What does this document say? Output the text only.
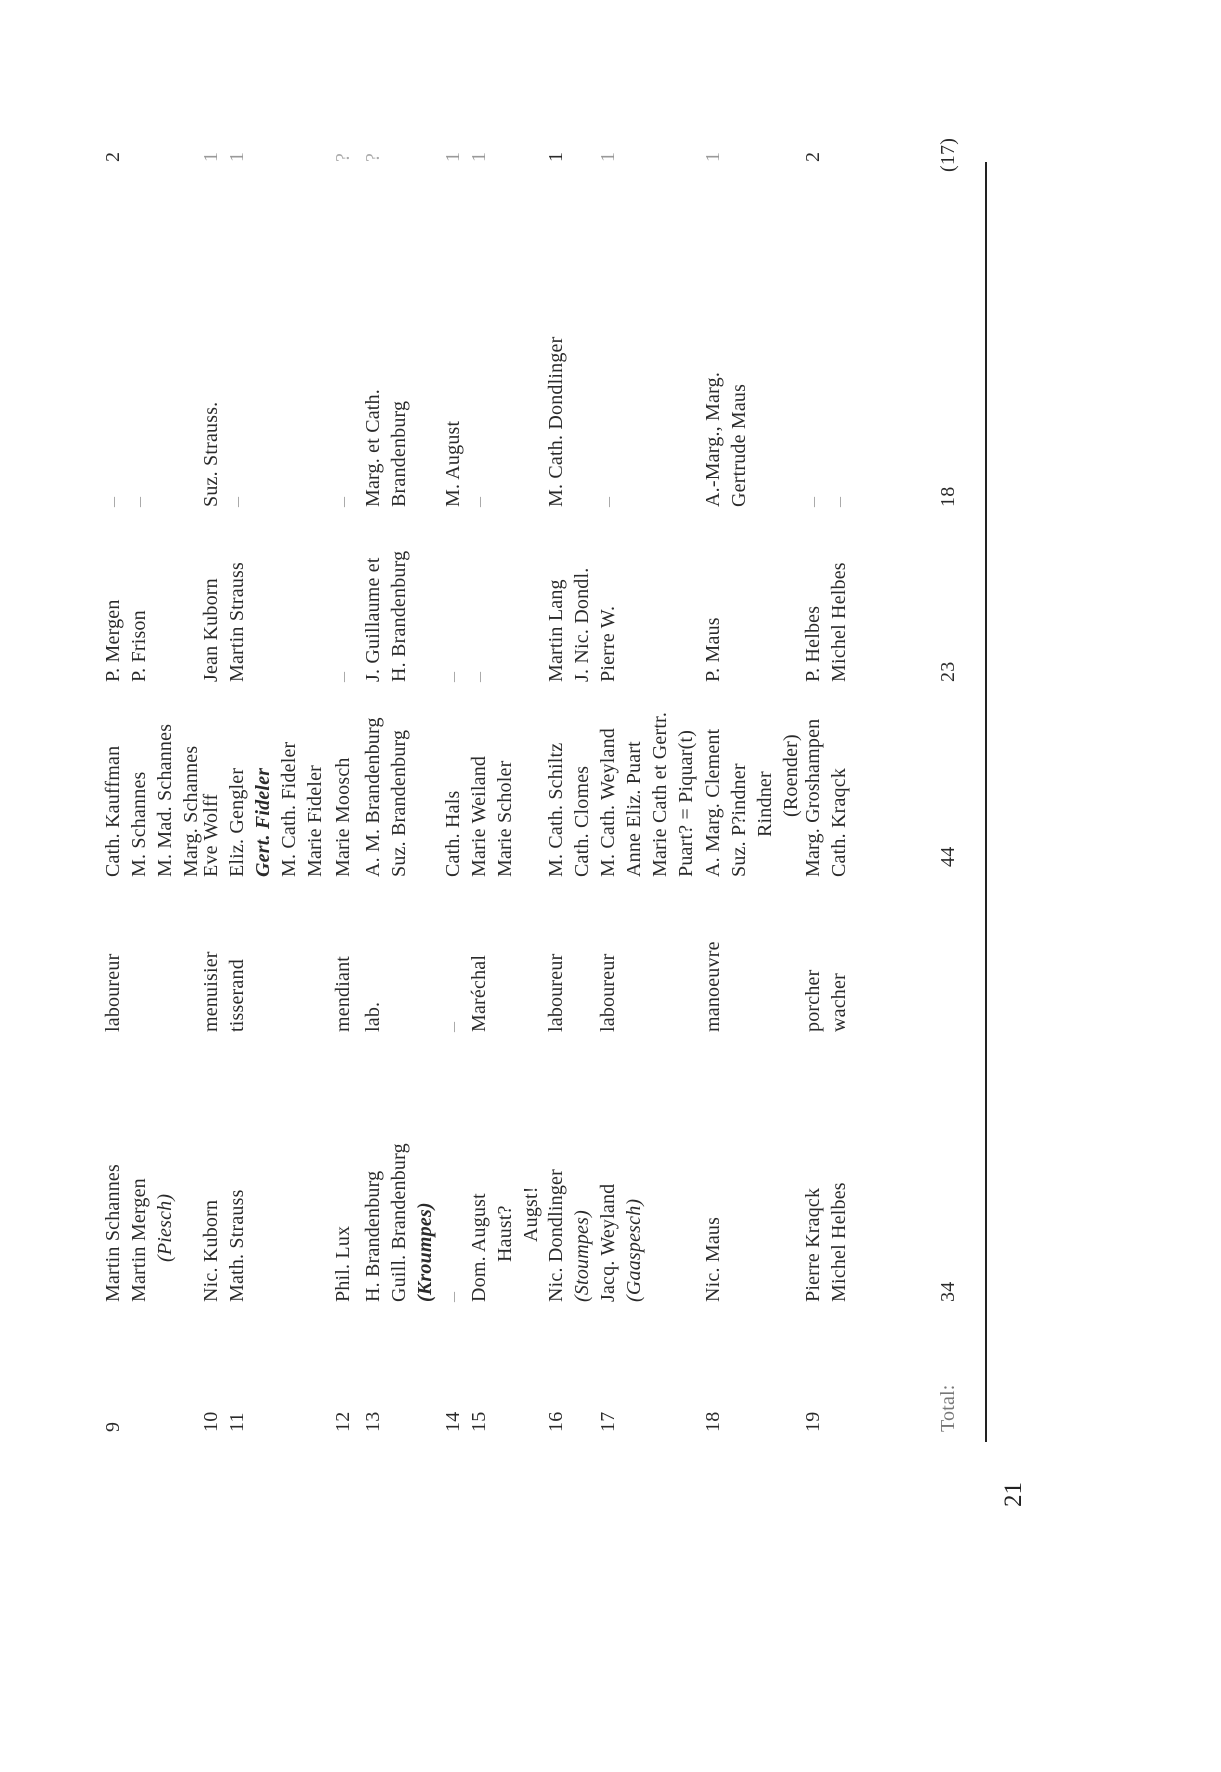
9
Martin Schannes Martin Mergen (Piesch)
laboureur
Cath. Kauffman M. Schannes M. Mad. Schannes Marg. Schannes
P. Mergen P. Frison
– –
2
10
Nic. Kuborn
menuisier
Eve Wolff
Jean Kuborn
Suz. Strauss.
1
11
Math. Strauss
tisserand
Eliz. Gengler Gert. Fideler M. Cath. Fideler Marie Fideler
Martin Strauss
–
1
12
Phil. Lux
mendiant
Marie Moosch
–
–
?
13
H. Brandenburg Guill. Brandenburg (Kroumpes)
lab.
A. M. Brandenburg Suz. Brandenburg
J. Guillaume et H. Brandenburg
Marg. et Cath. Brandenburg
?
14
–
–
Cath. Hals
–
M. August
1
15
Dom. August Haust? Augst!
Maréchal
Marie Weiland Marie Scholer
–
–
1
16
Nic. Dondlinger (Stoumpes)
laboureur
M. Cath. Schiltz Cath. Clomes
Martin Lang J. Nic. Dondl.
M. Cath. Dondlinger
1
17
Jacq. Weyland (Gaaspesch)
laboureur
M. Cath. Weyland Anne Eliz. Puart Marie Cath et Gertr. Puart? = Piquar(t)
Pierre W.
–
1
18
Nic. Maus
manoeuvre
A. Marg. Clement Suz. P?indner Rindner (Roender)
P. Maus
A.-Marg., Marg. Gertrude Maus
1
19
Pierre Kraqck Michel Helbes
porcher wacher
Marg. Groshampen Cath. Kraqck
P. Helbes Michel Helbes
– –
2
Total:
34
44
23
18
(17)
21
